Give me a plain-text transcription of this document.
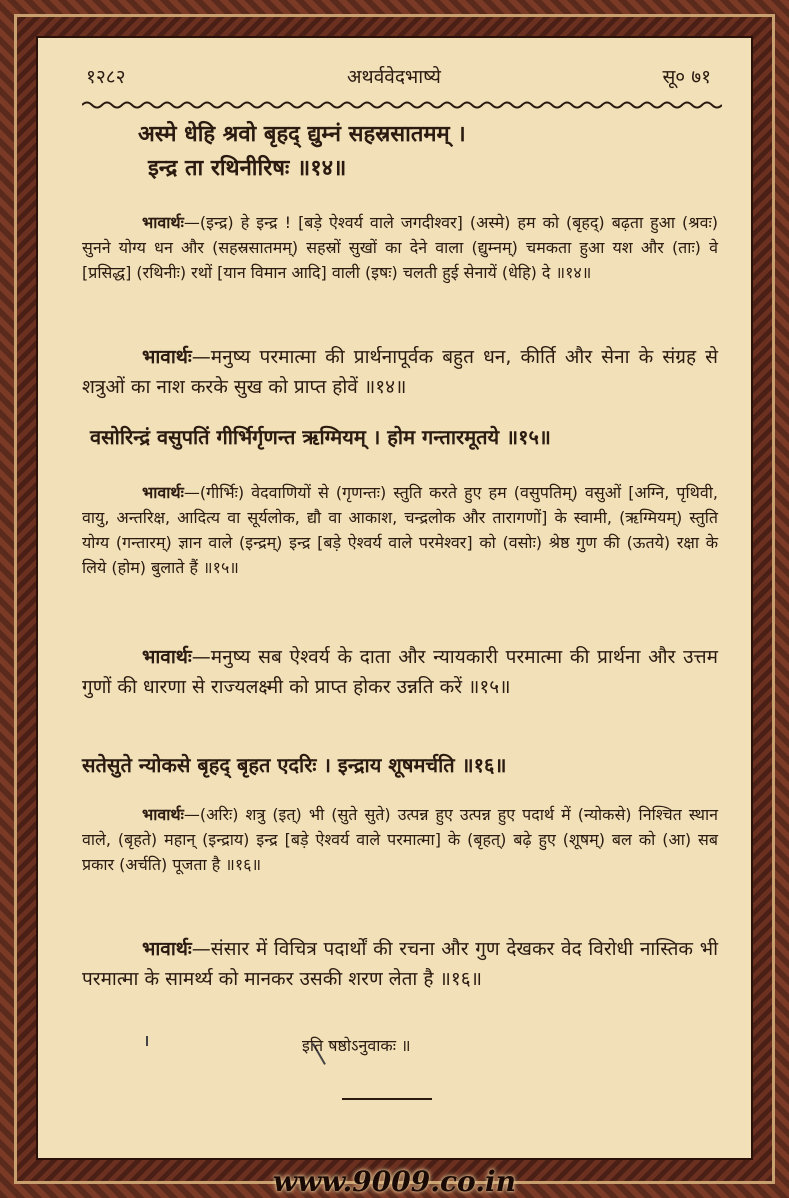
१२८२	अथर्ववेदभाष्ये	सू० ७१
अस्मे धेहि श्रवो बृहद् द्युम्नं सहस्रसातमम् ।
इन्द्र ता रथिनीरिषः ॥१४॥
भावार्थः—(इन्द्र) हे इन्द्र ! [बड़े ऐश्वर्य वाले जगदीश्वर] (अस्मे) हम को (बृहद्) बढ़ता हुआ (श्रवः) सुनने योग्य धन और (सहस्रसातमम्) सहस्रों सुखों का देने वाला (द्युम्नम्) चमकता हुआ यश और (ताः) वे [प्रसिद्ध] (रथिनीः) रथों [यान विमान आदि] वाली (इषः) चलती हुई सेनायें (धेहि) दे ॥१४॥
भावार्थः—मनुष्य परमात्मा की प्रार्थनापूर्वक बहुत धन, कीर्ति और सेना के संग्रह से शत्रुओं का नाश करके सुख को प्राप्त होवें ॥१४॥
वसोरिन्द्रं वसुपतिं गीर्भिर्गृणन्त ऋग्मियम् । होम गन्तारमूतये ॥१५॥
भावार्थः—(गीर्भिः) वेदवाणियों से (गृणन्तः) स्तुति करते हुए हम (वसुपतिम्) वसुओं [अग्नि, पृथिवी, वायु, अन्तरिक्ष, आदित्य वा सूर्यलोक, द्यौ वा आकाश, चन्द्रलोक और तारागणों] के स्वामी, (ऋग्मियम्) स्तुति योग्य (गन्तारम्) ज्ञान वाले (इन्द्रम्) इन्द्र [बड़े ऐश्वर्य वाले परमेश्वर] को (वसोः) श्रेष्ठ गुण की (ऊतये) रक्षा के लिये (होम) बुलाते हैं ॥१५॥
भावार्थः—मनुष्य सब ऐश्वर्य के दाता और न्यायकारी परमात्मा की प्रार्थना और उत्तम गुणों की धारणा से राज्यलक्ष्मी को प्राप्त होकर उन्नति करें ॥१५॥
सतेसुते न्योकसे बृहद् बृहत एदरिः । इन्द्राय शूषमर्चति ॥१६॥
भावार्थः—(अरिः) शत्रु (इत्) भी (सुते सुते) उत्पन्न हुए उत्पन्न हुए पदार्थ में (न्योकसे) निश्चित स्थान वाले, (बृहते) महान् (इन्द्राय) इन्द्र [बड़े ऐश्वर्य वाले परमात्मा] के (बृहत्) बढ़े हुए (शूषम्) बल को (आ) सब प्रकार (अर्चति) पूजता है ॥१६॥
भावार्थः—संसार में विचित्र पदार्थों की रचना और गुण देखकर वेद विरोधी नास्तिक भी परमात्मा के सामर्थ्य को मानकर उसकी शरण लेता है ॥१६॥
इति षष्ठोऽनुवाकः ॥
www.9009.co.in
